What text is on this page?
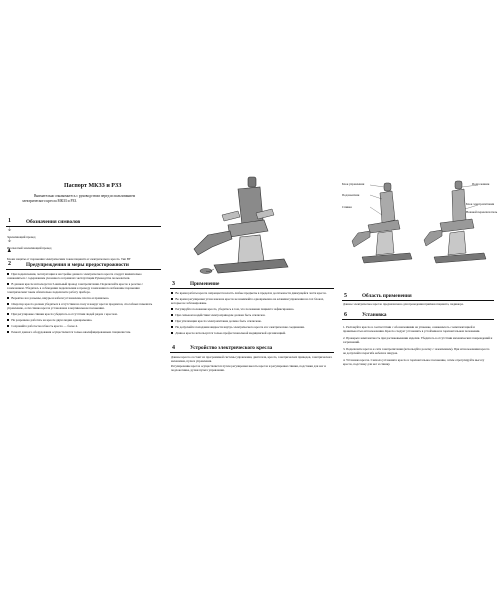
Паспорт МКЗЗ и РЗЗ
Внимательно ознакомьтесь с руководством перед использованием
электрического кресла МКЗЗ и РЗЗ.
1	Обозначения символов
⏚
Заземляющий провод
⏚
Игольчатый заземляющий провод
♟
Блоки защиты от поражения электрическим током пациента и электрического кресла. Тип BF
2	Предупреждения и меры предосторожности
При подключении, эксплуатации и настройке данного электрического кресла следует внимательно ознакомиться с содержанием указанного в правилах эксплуатации Руководства пользователя.
В данном кресле используется 3-жильный провод электропитания. Подключайте кресло к розетке с заземлением. Убедитесь в соблюдении подключения к проводу заземления по избежание поражения электрическим током обязательно подключите работу прибора.
Вероятно все разъемы, шнуры и кабели установлены плотно и правильно.
Оператор кресла должен убедиться в отсутствии на полу и вокруг кресла предметов, способных помешать управлению, если спинка кресла установлена в вертикальном положении.
При регулировке спинки кресла убедитесь в отсутствии людей рядом с креслом.
Не разрешено работать на кресле двум людям одновременно.
Сохраняйте работоспособность кресла — более 4.
Ремонт данного оборудования осуществляется только квалифицированным специалистом.
3	Применение
Во время работы кресла запрещается класть любые предметы в пределах досягаемости движущейся части кресла.
Во время регулировки углов наклона кресла не нажимайте одновременно на клавиши управления на тех блоках, которые не заблокированы.
Регулируйте положение кресла, убедитесь в том, что положение пациента зафиксировано.
При сильном воздействии электроприводом должен быть отключен.
При утилизации кресла электропитание должно быть отключено.
Не допускайте попадания жидкости внутрь электрического кресла и в электрические соединения.
Данное кресло используется только профессиональной медицинской организацией.
4	Устройство электрического кресла
Данное кресло состоит из программной системы управления, двигателя, кресла, электрических приводов, электрического механизма, пульта управления.
Регулирование кресла осуществляется путем регулировки высоты кресла и регулировки спинки, подставки для ног и подлокотника, ручки пульта управления.
Блок управления
Подлокотник
Спинка
Подголовник
Блок электропитания
Ножной переключатель
5	Область применения
Данное электрическое кресло предназначено для проведения приёмов пациента, педикюра.
6	Установка
1. Распакуйте кресло в соответствии с обозначениями на упаковке, ознакомьтесь с комплектацией и правильностью использования. Кресло следует установить в устойчивом и горизонтальном положении.
2. Проверьте комплектность при распаковывании изделия. Убедитесь в отсутствии механических повреждений и загрязнений.
3. Подключите кресло к сети электропитания (используйте розетку с заземлением). При использовании кресла не допускайте перегиба кабеля и шнуров.
4. Установка кресла. Сначала установите кресло в горизонтальное положение, затем отрегулируйте высоту кресла, подставку для ног и спинку.
